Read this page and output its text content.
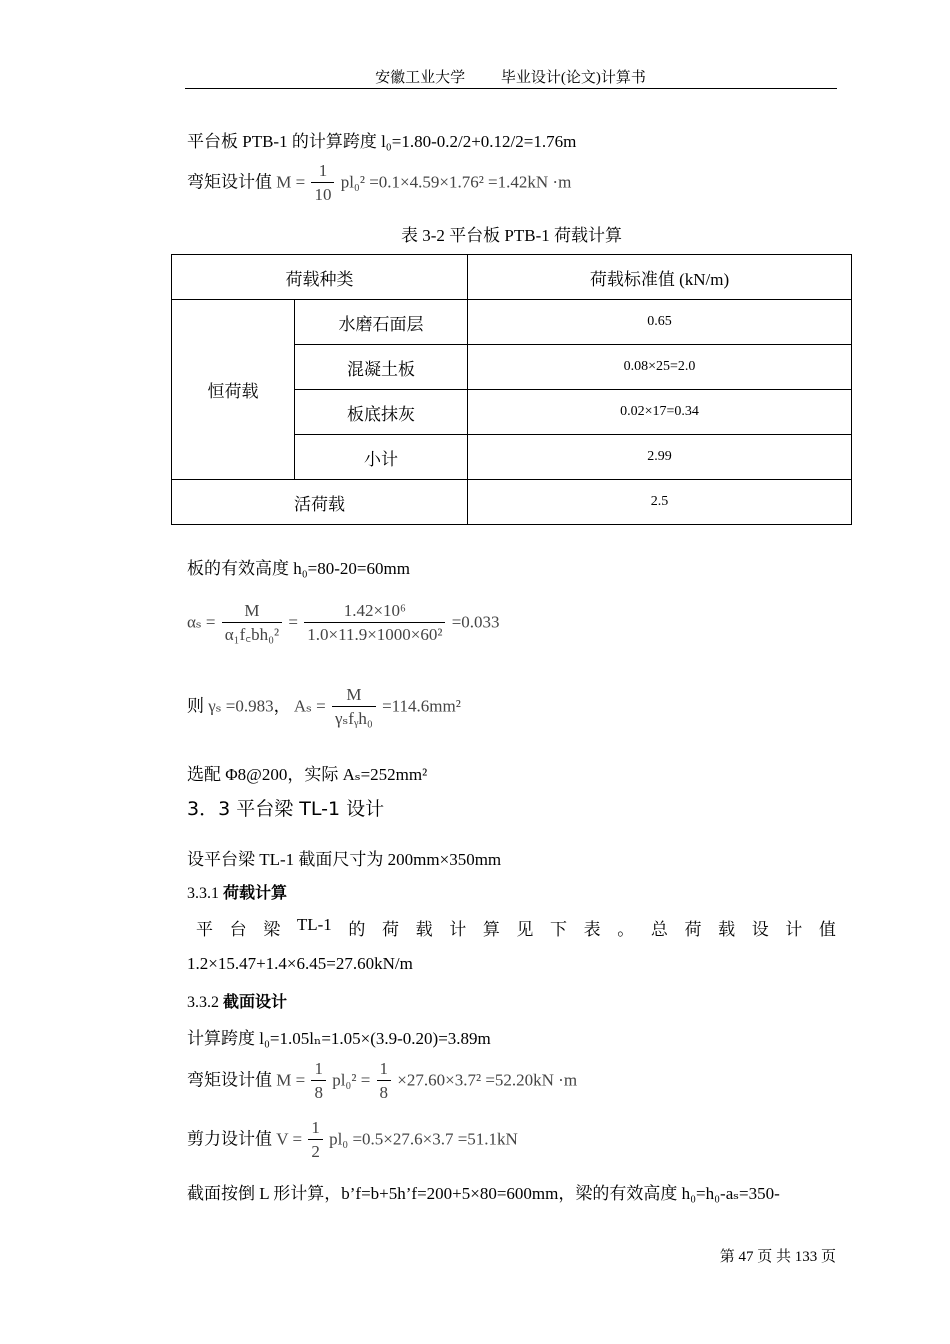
安徽工业大学 毕业设计(论文)计算书
平台板 PTB-1 的计算跨度 l₀=1.80-0.2/2+0.12/2=1.76m
弯矩设计值 $M = \frac{1}{10} pl_0^2 =0.1\times 4.59\times 1.76^2 =1.42kN \cdot m$
表 3-2 平台板 PTB-1 荷载计算
荷载种类		荷载标准值 (kN/m)
恒荷载	水磨石面层	0.65
	混凝土板	0.08×25=2.0
	板底抹灰	0.02×17=0.34
	小计	2.99
活荷载		2.5
板的有效高度 h₀=80-20=60mm
$\alpha_s = \frac{M}{\text{α₁f꜀bh₀²}} = \frac{\text{1.42×10⁶}}{\text{1.0×11.9×1000×60²}} =0.033$
则 γₛ =0.983， $A_s = \frac{M}{\text{γₛfᵧh₀}} =114.6mm^2$
选配 Φ8@200，实际 Aₛ=252mm²
3．3 平台梁 TL-1 设计
设平台梁 TL-1 截面尺寸为 200mm×350mm
3.3.1 荷载计算
平 台 梁 TL-1 的 荷 载 计 算 见 下 表 。 总 荷 载 设 计 值
1.2×15.47+1.4×6.45=27.60kN/m
3.3.2 截面设计
计算跨度 l₀=1.05lₙ=1.05×(3.9-0.20)=3.89m
弯矩设计值 $M = \frac{1}{8} pl_0^2 = \frac{1}{8} \times 27.60\times 3.7^2 =52.20kN \cdot m$
剪力设计值 $V = \frac{1}{2} pl_0 =0.5\times 27.6\times 3.7 =51.1kN$
截面按倒 L 形计算，b’f=b+5h’f=200+5×80=600mm，梁的有效高度 h₀=h₀-aₛ=350-
第 47 页 共 133 页
